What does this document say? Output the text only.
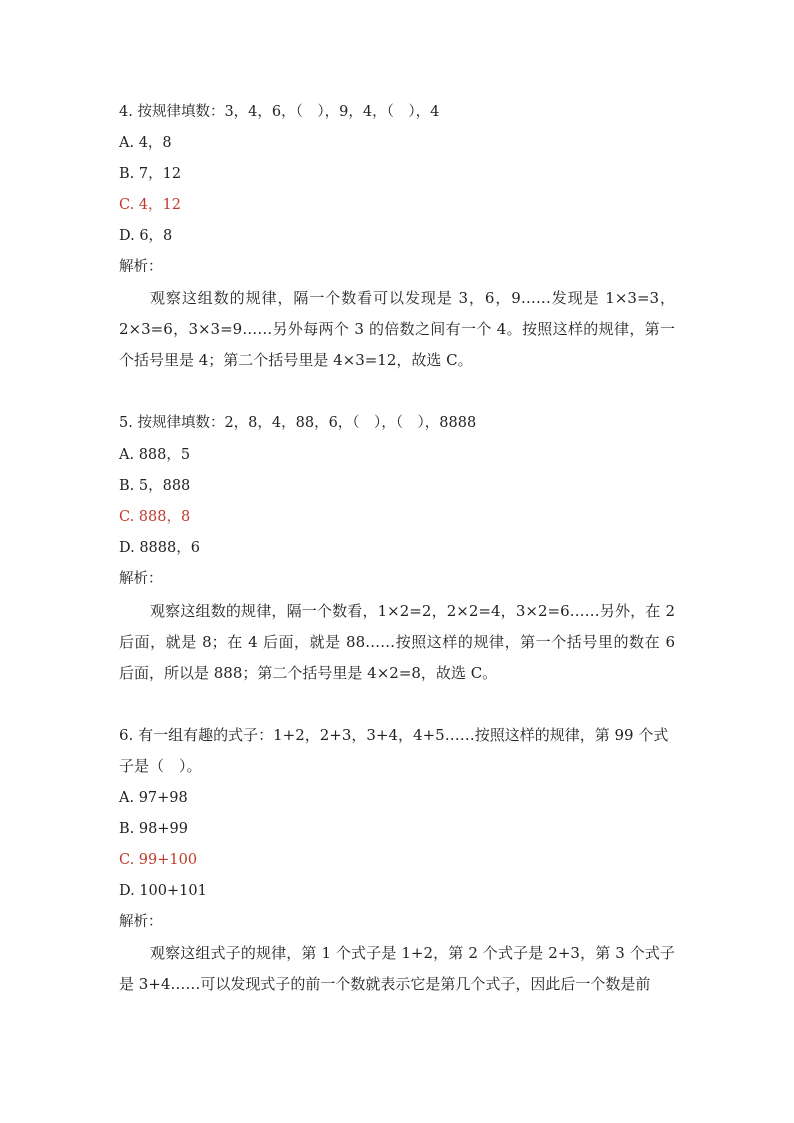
4. 按规律填数：3，4，6，（　），9，4，（　），4
A. 4，8
B. 7，12
C. 4，12
D. 6，8
解析：
观察这组数的规律，隔一个数看可以发现是 3，6，9……发现是 1×3=3，2×3=6，3×3=9……另外每两个 3 的倍数之间有一个 4。按照这样的规律，第一个括号里是 4；第二个括号里是 4×3=12，故选 C。
5. 按规律填数：2，8，4，88，6，（　），（　），8888
A. 888，5
B. 5，888
C. 888，8
D. 8888，6
解析：
观察这组数的规律，隔一个数看，1×2=2，2×2=4，3×2=6……另外，在 2 后面，就是 8；在 4 后面，就是 88……按照这样的规律，第一个括号里的数在 6 后面，所以是 888；第二个括号里是 4×2=8，故选 C。
6. 有一组有趣的式子：1+2，2+3，3+4，4+5……按照这样的规律，第 99 个式子是（　）。
A. 97+98
B. 98+99
C. 99+100
D. 100+101
解析：
观察这组式子的规律，第 1 个式子是 1+2，第 2 个式子是 2+3，第 3 个式子是 3+4……可以发现式子的前一个数就表示它是第几个式子，因此后一个数是前
